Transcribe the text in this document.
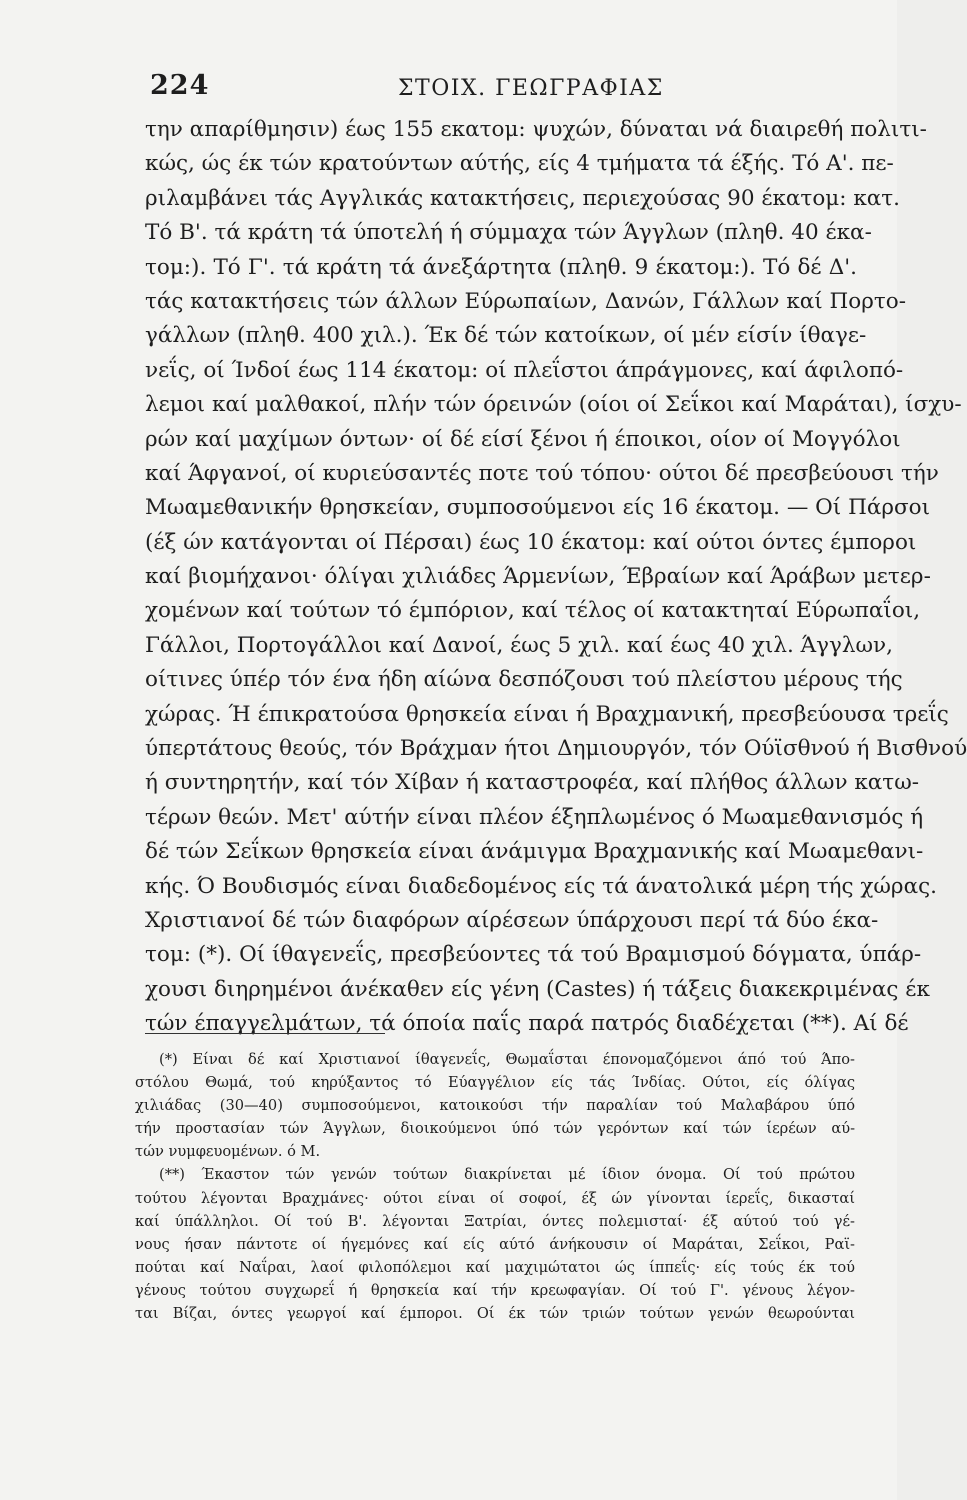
224	ΣΤΟΙΧ. ΓΕΩΓΡΑΦΙΑΣ
την απαρίθμησιν) έως 155 εκατομ: ψυχών, δύναται νά διαιρεθή πολιτι-
κώς, ώς έκ τών κρατούντων αύτής, είς 4 τμήματα τά έξής. Τό Α'. πε-
ριλαμβάνει τάς Αγγλικάς κατακτήσεις, περιεχούσας 90 έκατομ: κατ.
Τό Β'. τά κράτη τά ύποτελή ή σύμμαχα τών Άγγλων (πληθ. 40 έκα-
τομ:). Τό Γ'. τά κράτη τά άνεξάρτητα (πληθ. 9 έκατομ:). Τό δέ Δ'.
τάς κατακτήσεις τών άλλων Εύρωπαίων, Δανών, Γάλλων καί Πορτο-
γάλλων (πληθ. 400 χιλ.). Έκ δέ τών κατοίκων, οί μέν είσίν ίθαγε-
νεΐς, οί Ίνδοί έως 114 έκατομ: οί πλεΐστοι άπράγμονες, καί άφιλοπό-
λεμοι καί μαλθακοί, πλήν τών όρεινών (οίοι οί Σεΐκοι καί Μαράται), ίσχυ-
ρών καί μαχίμων όντων· οί δέ είσί ξένοι ή έποικοι, οίον οί Μογγόλοι
καί Άφγανοί, οί κυριεύσαντές ποτε τού τόπου· ούτοι δέ πρεσβεύουσι τήν
Μωαμεθανικήν θρησκείαν, συμποσούμενοι είς 16 έκατομ. — Οί Πάρσοι
(έξ ών κατάγονται οί Πέρσαι) έως 10 έκατομ: καί ούτοι όντες έμποροι
καί βιομήχανοι· όλίγαι χιλιάδες Άρμενίων, Έβραίων καί Άράβων μετερ-
χομένων καί τούτων τό έμπόριον, καί τέλος οί κατακτηταί Εύρωπαΐοι,
Γάλλοι, Πορτογάλλοι καί Δανοί, έως 5 χιλ. καί έως 40 χιλ. Άγγλων,
οίτινες ύπέρ τόν ένα ήδη αίώνα δεσπόζουσι τού πλείστου μέρους τής
χώρας. Ή έπικρατούσα θρησκεία είναι ή Βραχμανική, πρεσβεύουσα τρεΐς
ύπερτάτους θεούς, τόν Βράχμαν ήτοι Δημιουργόν, τόν Ούϊσθνού ή Βισθνού
ή συντηρητήν, καί τόν Χίβαν ή καταστροφέα, καί πλήθος άλλων κατω-
τέρων θεών. Μετ' αύτήν είναι πλέον έξηπλωμένος ό Μωαμεθανισμός ή
δέ τών Σεΐκων θρησκεία είναι άνάμιγμα Βραχμανικής καί Μωαμεθανι-
κής. Ό Βουδισμός είναι διαδεδομένος είς τά άνατολικά μέρη τής χώρας.
Χριστιανοί δέ τών διαφόρων αίρέσεων ύπάρχουσι περί τά δύο έκα-
τομ: (*). Οί ίθαγενεΐς, πρεσβεύοντες τά τού Βραμισμού δόγματα, ύπάρ-
χουσι διηρημένοι άνέκαθεν είς γένη (Castes) ή τάξεις διακεκριμένας έκ
τών έπαγγελμάτων, τά όποία παΐς παρά πατρός διαδέχεται (**). Αί δέ
(*) Είναι δέ καί Χριστιανοί ίθαγενεΐς, Θωμαΐσται έπονομαζόμενοι άπό τού Άπο-
στόλου Θωμά, τού κηρύξαντος τό Εύαγγέλιον είς τάς Ίνδίας. Ούτοι, είς όλίγας
χιλιάδας (30—40) συμποσούμενοι, κατοικούσι τήν παραλίαν τού Μαλαβάρου ύπό
τήν προστασίαν τών Άγγλων, διοικούμενοι ύπό τών γερόντων καί τών ίερέων αύ-
τών νυμφευομένων. ό Μ.
(**) Έκαστον τών γενών τούτων διακρίνεται μέ ίδιον όνομα. Οί τού πρώτου
τούτου λέγονται Βραχμάνες· ούτοι είναι οί σοφοί, έξ ών γίνονται ίερεΐς, δικασταί
καί ύπάλληλοι. Οί τού Β'. λέγονται Ξατρίαι, όντες πολεμισταί· έξ αύτού τού γέ-
νους ήσαν πάντοτε οί ήγεμόνες καί είς αύτό άνήκουσιν οί Μαράται, Σεΐκοι, Ραϊ-
πούται καί Ναΐραι, λαοί φιλοπόλεμοι καί μαχιμώτατοι ώς ίππεΐς· είς τούς έκ τού
γένους τούτου συγχωρεΐ ή θρησκεία καί τήν κρεωφαγίαν. Οί τού Γ'. γένους λέγον-
ται Βίζαι, όντες γεωργοί καί έμποροι. Οί έκ τών τριών τούτων γενών θεωρούνται
